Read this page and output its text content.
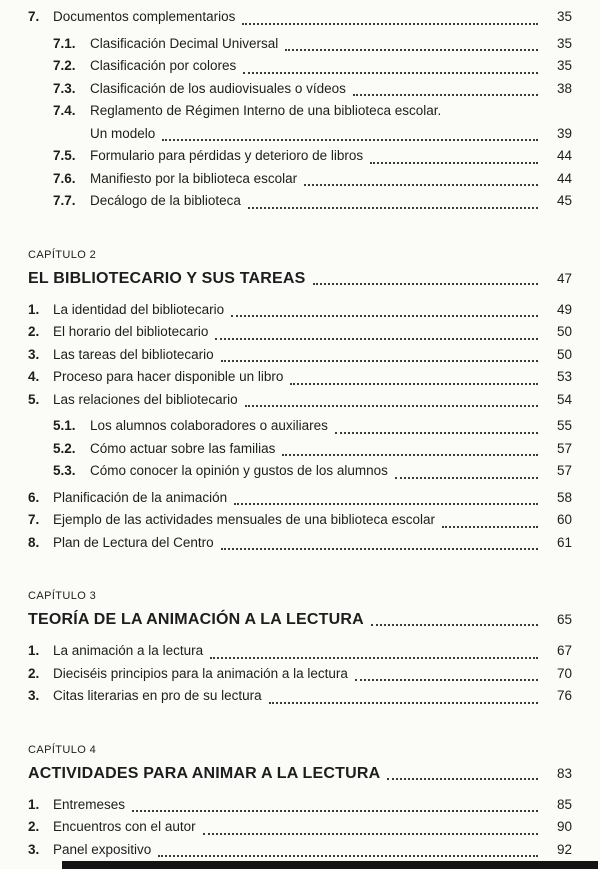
7.	Documentos complementarios	35
7.1.	Clasificación Decimal Universal	35
7.2.	Clasificación por colores	35
7.3.	Clasificación de los audiovisuales o vídeos	38
7.4.	Reglamento de Régimen Interno de una biblioteca escolar.
Un modelo	39
7.5.	Formulario para pérdidas y deterioro de libros	44
7.6.	Manifiesto por la biblioteca escolar	44
7.7.	Decálogo de la biblioteca	45
CAPÍTULO 2
EL BIBLIOTECARIO Y SUS TAREAS	47
1.	La identidad del bibliotecario	49
2.	El horario del bibliotecario	50
3.	Las tareas del bibliotecario	50
4.	Proceso para hacer disponible un libro	53
5.	Las relaciones del bibliotecario	54
5.1.	Los alumnos colaboradores o auxiliares	55
5.2.	Cómo actuar sobre las familias	57
5.3.	Cómo conocer la opinión y gustos de los alumnos	57
6.	Planificación de la animación	58
7.	Ejemplo de las actividades mensuales de una biblioteca escolar	60
8.	Plan de Lectura del Centro	61
CAPÍTULO 3
TEORÍA DE LA ANIMACIÓN A LA LECTURA	65
1.	La animación a la lectura	67
2.	Dieciséis principios para la animación a la lectura	70
3.	Citas literarias en pro de su lectura	76
CAPÍTULO 4
ACTIVIDADES PARA ANIMAR A LA LECTURA	83
1.	Entremeses	85
2.	Encuentros con el autor	90
3.	Panel expositivo	92
